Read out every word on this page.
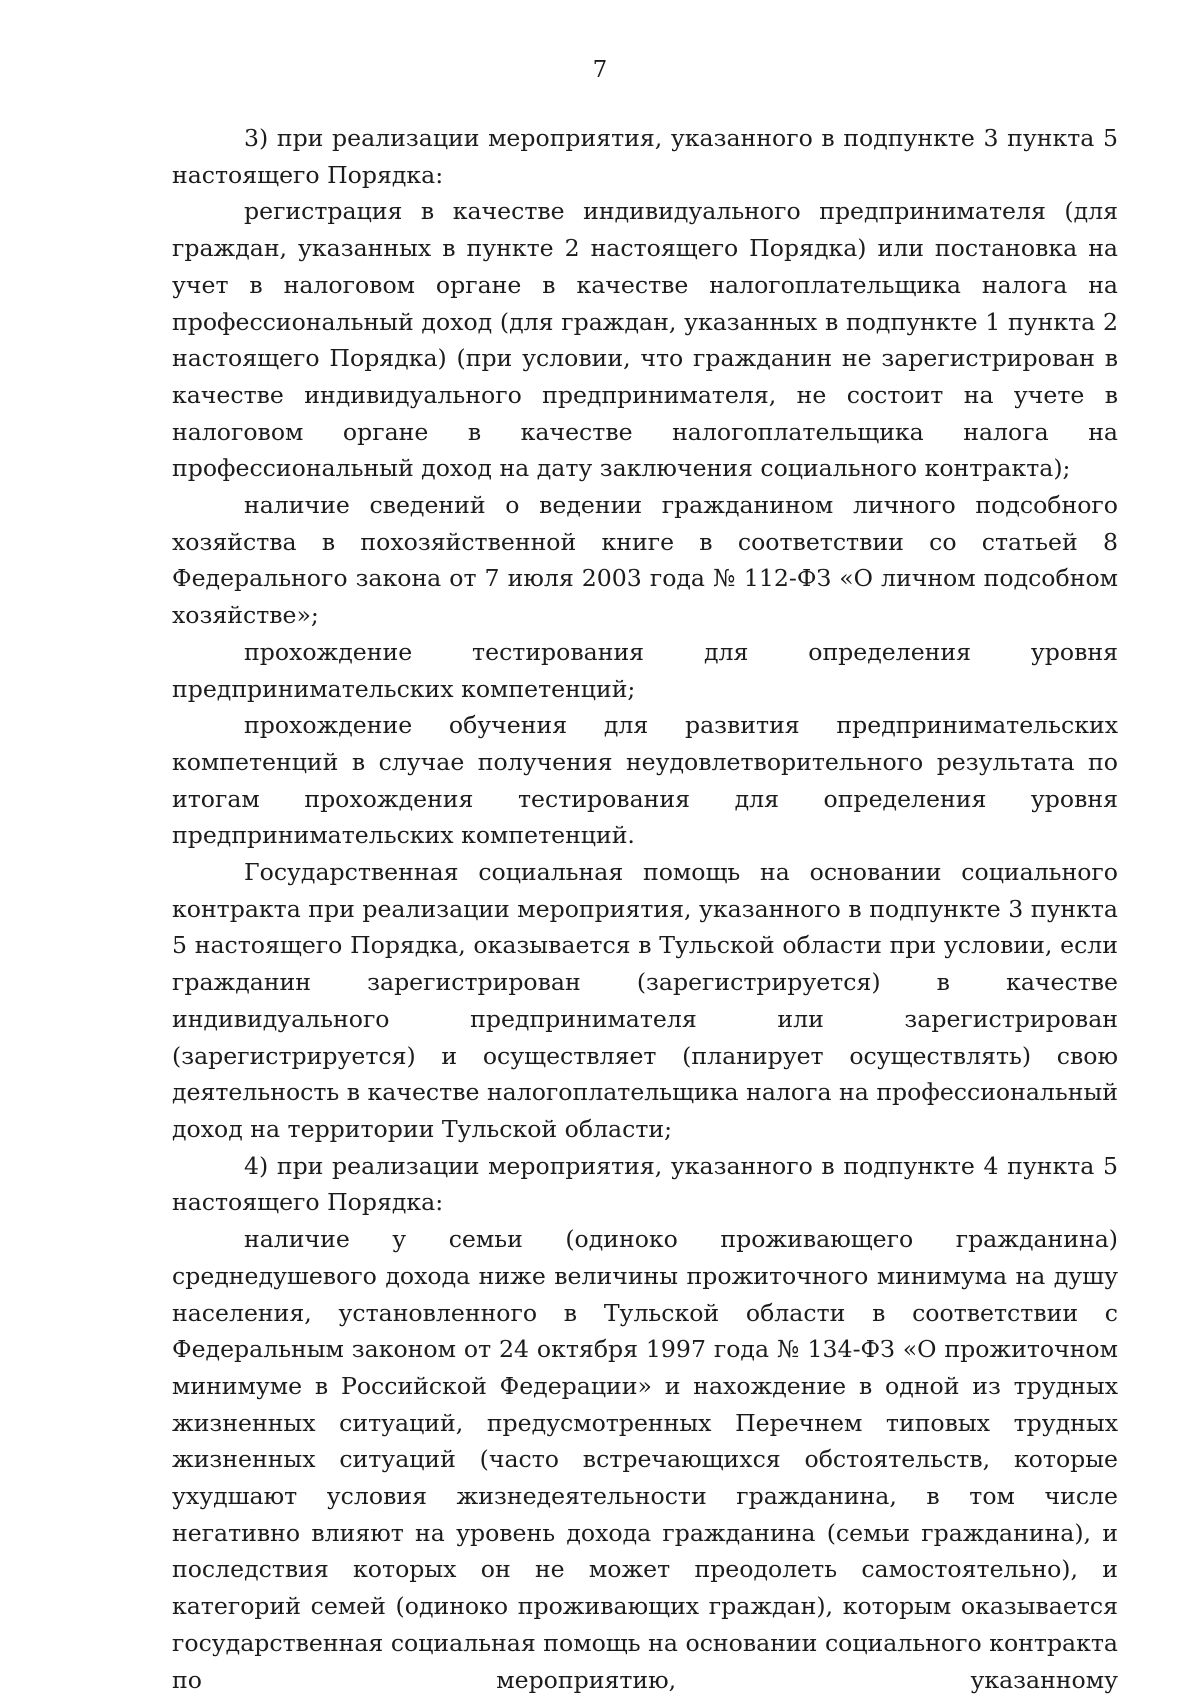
7

3) при реализации мероприятия, указанного в подпункте 3 пункта 5 настоящего Порядка:

регистрация в качестве индивидуального предпринимателя (для граждан, указанных в пункте 2 настоящего Порядка) или постановка на учет в налоговом органе в качестве налогоплательщика налога на профессиональный доход (для граждан, указанных в подпункте 1 пункта 2 настоящего Порядка) (при условии, что гражданин не зарегистрирован в качестве индивидуального предпринимателя, не состоит на учете в налоговом органе в качестве налогоплательщика налога на профессиональный доход на дату заключения социального контракта);

наличие сведений о ведении гражданином личного подсобного хозяйства в похозяйственной книге в соответствии со статьей 8 Федерального закона от 7 июля 2003 года № 112-ФЗ «О личном подсобном хозяйстве»;

прохождение тестирования для определения уровня предпринимательских компетенций;

прохождение обучения для развития предпринимательских компетенций в случае получения неудовлетворительного результата по итогам прохождения тестирования для определения уровня предпринимательских компетенций.

Государственная социальная помощь на основании социального контракта при реализации мероприятия, указанного в подпункте 3 пункта 5 настоящего Порядка, оказывается в Тульской области при условии, если гражданин зарегистрирован (зарегистрируется) в качестве индивидуального предпринимателя или зарегистрирован (зарегистрируется) и осуществляет (планирует осуществлять) свою деятельность в качестве налогоплательщика налога на профессиональный доход на территории Тульской области;

4) при реализации мероприятия, указанного в подпункте 4 пункта 5 настоящего Порядка:

наличие у семьи (одиноко проживающего гражданина) среднедушевого дохода ниже величины прожиточного минимума на душу населения, установленного в Тульской области в соответствии с Федеральным законом от 24 октября 1997 года № 134-ФЗ «О прожиточном минимуме в Российской Федерации» и нахождение в одной из трудных жизненных ситуаций, предусмотренных Перечнем типовых трудных жизненных ситуаций (часто встречающихся обстоятельств, которые ухудшают условия жизнедеятельности гражданина, в том числе негативно влияют на уровень дохода гражданина (семьи гражданина), и последствия которых он не может преодолеть самостоятельно), и категорий семей (одиноко проживающих граждан), которым оказывается государственная социальная помощь на основании социального контракта по мероприятию, указанному
